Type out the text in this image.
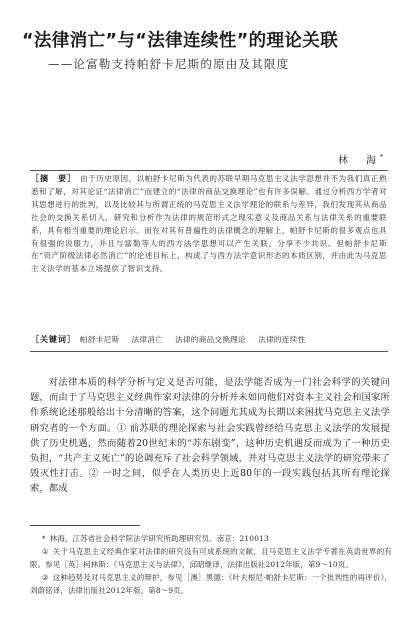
“法律消亡”与“法律连续性”的理论关联
——论富勒支持帕舒卡尼斯的原由及其限度
林　海*
［摘　要］ 由于历史原因，以帕舒卡尼斯为代表的苏联早期马克思主义法学思想并不为我们真正熟悉和了解，对其论证“法律消亡”而建立的“法律的商品交换理论”也有许多误解。通过分析西方学者对其思想进行的批判，以及比较其与所谓正统的马克思主义法学理论的联系与差异，我们发现其从商品社会的交换关系切入，研究和分析作为法律的规范形式之现实意义及商品关系与法律关系的重要联系，具有相当重要的理论启示。而在对其有普遍性的法律概念的理解上，帕舒卡尼斯的很多观点也具有很强的说服力，并且与富勒等人的西方法学思想可以产生关联，分享不少共识。但帕舒卡尼斯在“资产阶级法律必然消亡”的论述目标上，构成了与西方法学意识形态的本质区别，并由此为马克思主义法学的基本立场提供了智识支持。
［关键词］ 帕舒卡尼斯 法律消亡 法律的商品交换理论 法律的连续性

对法律本质的科学分析与定义是否可能，是法学能否成为一门社会科学的关键问题，而由于了马克思主义经典作家对法律的分析并未如同他们对资本主义社会和国家所作系统论述那般给出十分清晰的答案，这个问题尤其成为长期以来困扰马克思主义法学研究者的一个方面。① 前苏联的理论探索与社会实践曾经给马克思主义法学的发展提供了历史机遇，然而随着20世纪末的“苏东剧变”，这种历史机遇反而成为了一种历史负担，“共产主义死亡”的论调充斥了社会科学领域，并对马克思主义法学的研究带来了毁灭性打击。② 一时之间，似乎在人类历史上近80年的一段实践包括其所有理论探索，都成

* 林海，江苏省社会科学院法学研究所助理研究员。南京：210013

① 关于马克思主义经典作家对法律的研究没有可成系统的文献，且马克思主义法学专著在英语世界的有限。参见［英］柯林斯：《马克思主义与法律》，邱昭继译，法律出版社2012年版，第9～10页。

② 这种趋势及对马克思主义的辩护，参见［澳］黑德：《叶夫根尼·帕舒卡尼斯：一个批判性的再评价》，刘蔚铭译，法律出版社2012年版，第8～9页。
